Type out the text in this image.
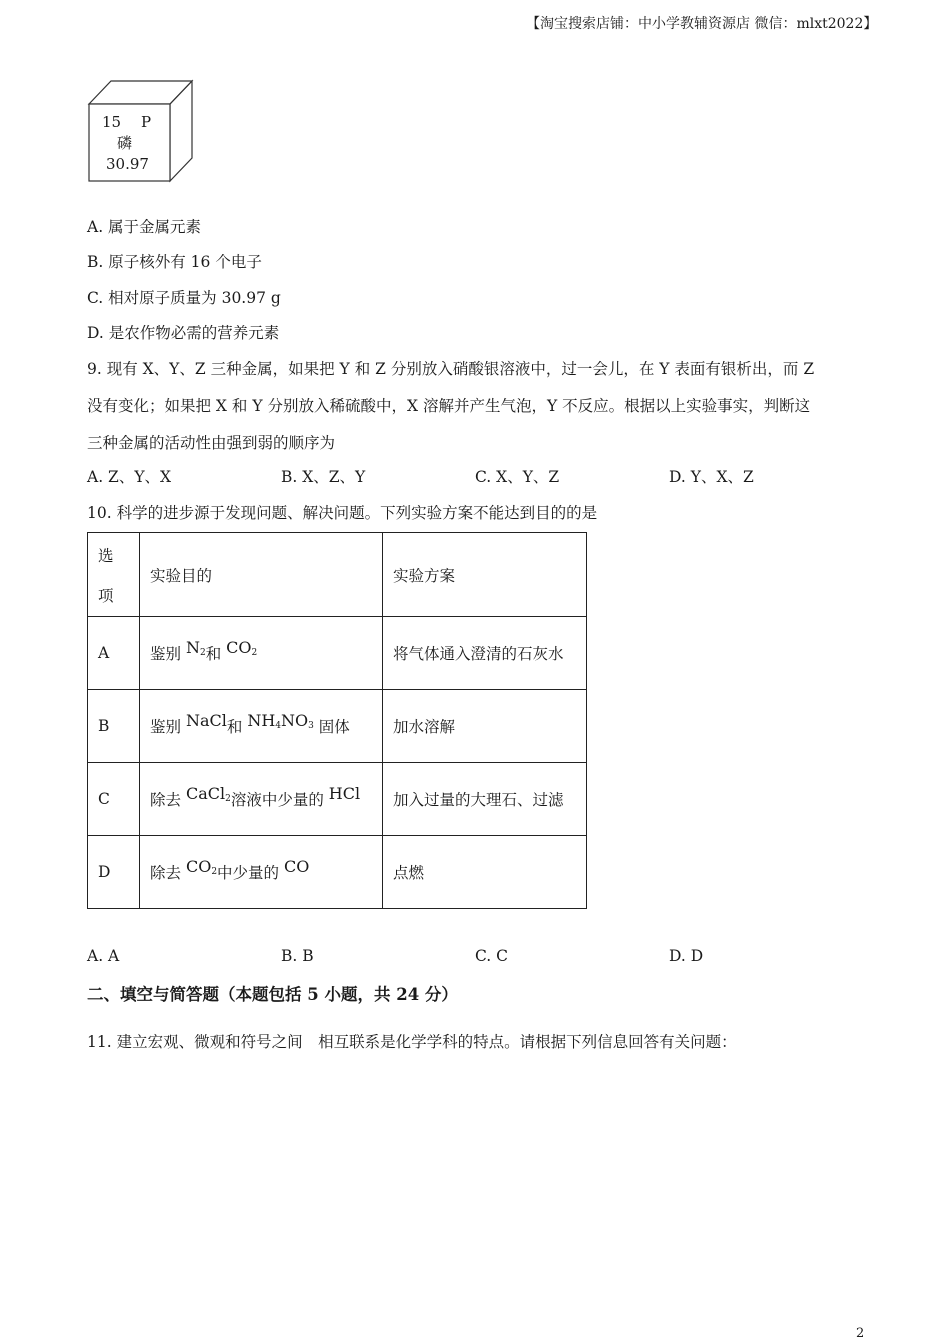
【淘宝搜索店铺：中小学教辅资源店 微信：mlxt2022】
15 P
磷
30.97
A. 属于金属元素
B. 原子核外有 16 个电子
C. 相对原子质量为 30.97 g
D. 是农作物必需的营养元素
9. 现有 X、Y、Z 三种金属，如果把 Y 和 Z 分别放入硝酸银溶液中，过一会儿，在 Y 表面有银析出，而 Z
没有变化；如果把 X 和 Y 分别放入稀硫酸中，X 溶解并产生气泡，Y 不反应。根据以上实验事实，判断这
三种金属的活动性由强到弱的顺序为
A. Z、Y、X	B. X、Z、Y	C. X、Y、Z	D. Y、X、Z
10. 科学的进步源于发现问题、解决问题。下列实验方案不能达到目的的是
选
项	实验目的	实验方案
A	鉴别 $N_2$和 $CO_2$	将气体通入澄清的石灰水
B	鉴别 NaCl和 $NH_4NO_3$ 固体	加水溶解
C	除去 CaCl$_2$溶液中少量的 HCl	加入过量的大理石、过滤
D	除去 $CO_2$中少量的 CO	点燃
A. A	B. B	C. C	D. D
二、填空与简答题（本题包括 5 小题，共 24 分）
11. 建立宏观、微观和符号之间　相互联系是化学学科的特点。请根据下列信息回答有关问题：
2
